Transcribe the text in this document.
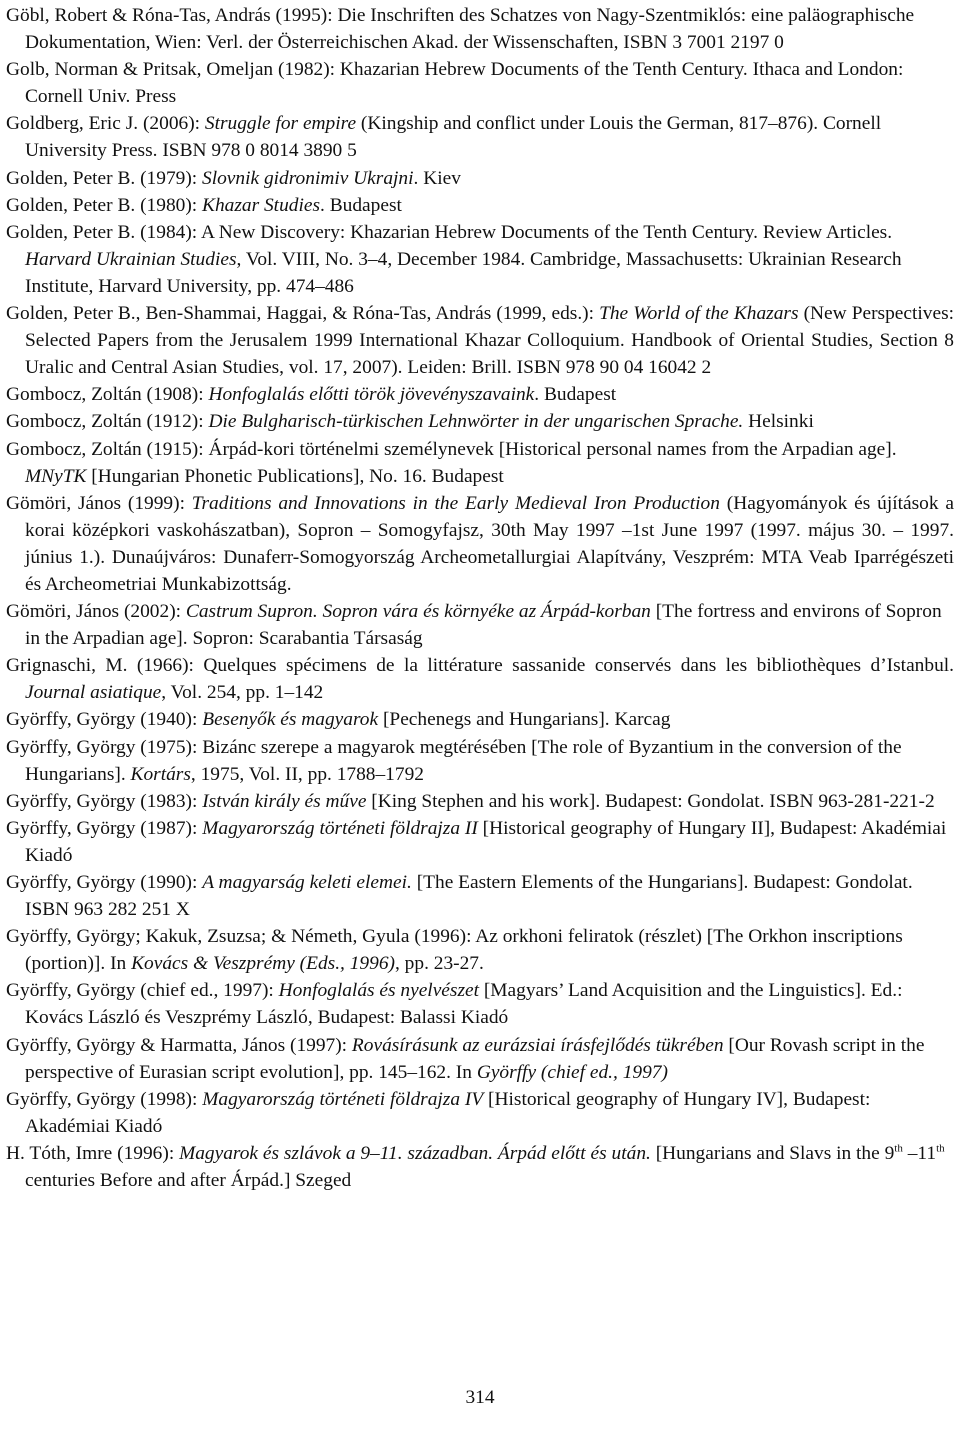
Göbl, Robert & Róna-Tas, András (1995): Die Inschriften des Schatzes von Nagy-Szentmiklós: eine paläographische Dokumentation, Wien: Verl. der Österreichischen Akad. der Wissenschaften, ISBN 3 7001 2197 0

Golb, Norman & Pritsak, Omeljan (1982): Khazarian Hebrew Documents of the Tenth Century. Ithaca and London: Cornell Univ. Press

Goldberg, Eric J. (2006): Struggle for empire (Kingship and conflict under Louis the German, 817–876). Cornell University Press. ISBN 978 0 8014 3890 5

Golden, Peter B. (1979): Slovnik gidronimiv Ukrajni. Kiev

Golden, Peter B. (1980): Khazar Studies. Budapest

Golden, Peter B. (1984): A New Discovery: Khazarian Hebrew Documents of the Tenth Century. Review Articles. Harvard Ukrainian Studies, Vol. VIII, No. 3–4, December 1984. Cambridge, Massachusetts: Ukrainian Research Institute, Harvard University, pp. 474–486

Golden, Peter B., Ben-Shammai, Haggai, & Róna-Tas, András (1999, eds.): The World of the Khazars (New Perspectives: Selected Papers from the Jerusalem 1999 International Khazar Colloquium. Handbook of Oriental Studies, Section 8 Uralic and Central Asian Studies, vol. 17, 2007). Leiden: Brill. ISBN 978 90 04 16042 2

Gombocz, Zoltán (1908): Honfoglalás előtti török jövevényszavaink. Budapest

Gombocz, Zoltán (1912): Die Bulgharisch-türkischen Lehnwörter in der ungarischen Sprache. Helsinki

Gombocz, Zoltán (1915): Árpád-kori történelmi személynevek [Historical personal names from the Arpadian age]. MNyTK [Hungarian Phonetic Publications], No. 16. Budapest

Gömöri, János (1999): Traditions and Innovations in the Early Medieval Iron Production (Hagyományok és újítások a korai középkori vaskohászatban), Sopron – Somogyfajsz, 30th May 1997 –1st June 1997 (1997. május 30. – 1997. június 1.). Dunaújváros: Dunaferr-Somogyország Archeometallurgiai Alapítvány, Veszprém: MTA Veab Iparrégészeti és Archeometriai Munkabizottság.

Gömöri, János (2002): Castrum Supron. Sopron vára és környéke az Árpád-korban [The fortress and environs of Sopron in the Arpadian age]. Sopron: Scarabantia Társaság

Grignaschi, M. (1966): Quelques spécimens de la littérature sassanide conservés dans les bibliothèques d’Istanbul. Journal asiatique, Vol. 254, pp. 1–142

Györffy, György (1940): Besenyők és magyarok [Pechenegs and Hungarians]. Karcag

Györffy, György (1975): Bizánc szerepe a magyarok megtérésében [The role of Byzantium in the conversion of the Hungarians]. Kortárs, 1975, Vol. II, pp. 1788–1792

Györffy, György (1983): István király és műve [King Stephen and his work]. Budapest: Gondolat. ISBN 963-281-221-2

Györffy, György (1987): Magyarország történeti földrajza II [Historical geography of Hungary II], Budapest: Akadémiai Kiadó

Györffy, György (1990): A magyarság keleti elemei. [The Eastern Elements of the Hungarians]. Budapest: Gondolat. ISBN 963 282 251 X

Györffy, György; Kakuk, Zsuzsa; & Németh, Gyula (1996): Az orkhoni feliratok (részlet) [The Orkhon inscriptions (portion)]. In Kovács & Veszprémy (Eds., 1996), pp. 23-27.

Györffy, György (chief ed., 1997): Honfoglalás és nyelvészet [Magyars’ Land Acquisition and the Linguistics]. Ed.: Kovács László és Veszprémy László, Budapest: Balassi Kiadó

Györffy, György & Harmatta, János (1997): Rovásírásunk az eurázsiai írásfejlődés tükrében [Our Rovash script in the perspective of Eurasian script evolution], pp. 145–162. In Györffy (chief ed., 1997)

Györffy, György (1998): Magyarország történeti földrajza IV [Historical geography of Hungary IV], Budapest: Akadémiai Kiadó

H. Tóth, Imre (1996): Magyarok és szlávok a 9–11. században. Árpád előtt és után. [Hungarians and Slavs in the 9th –11th centuries Before and after Árpád.] Szeged

314
